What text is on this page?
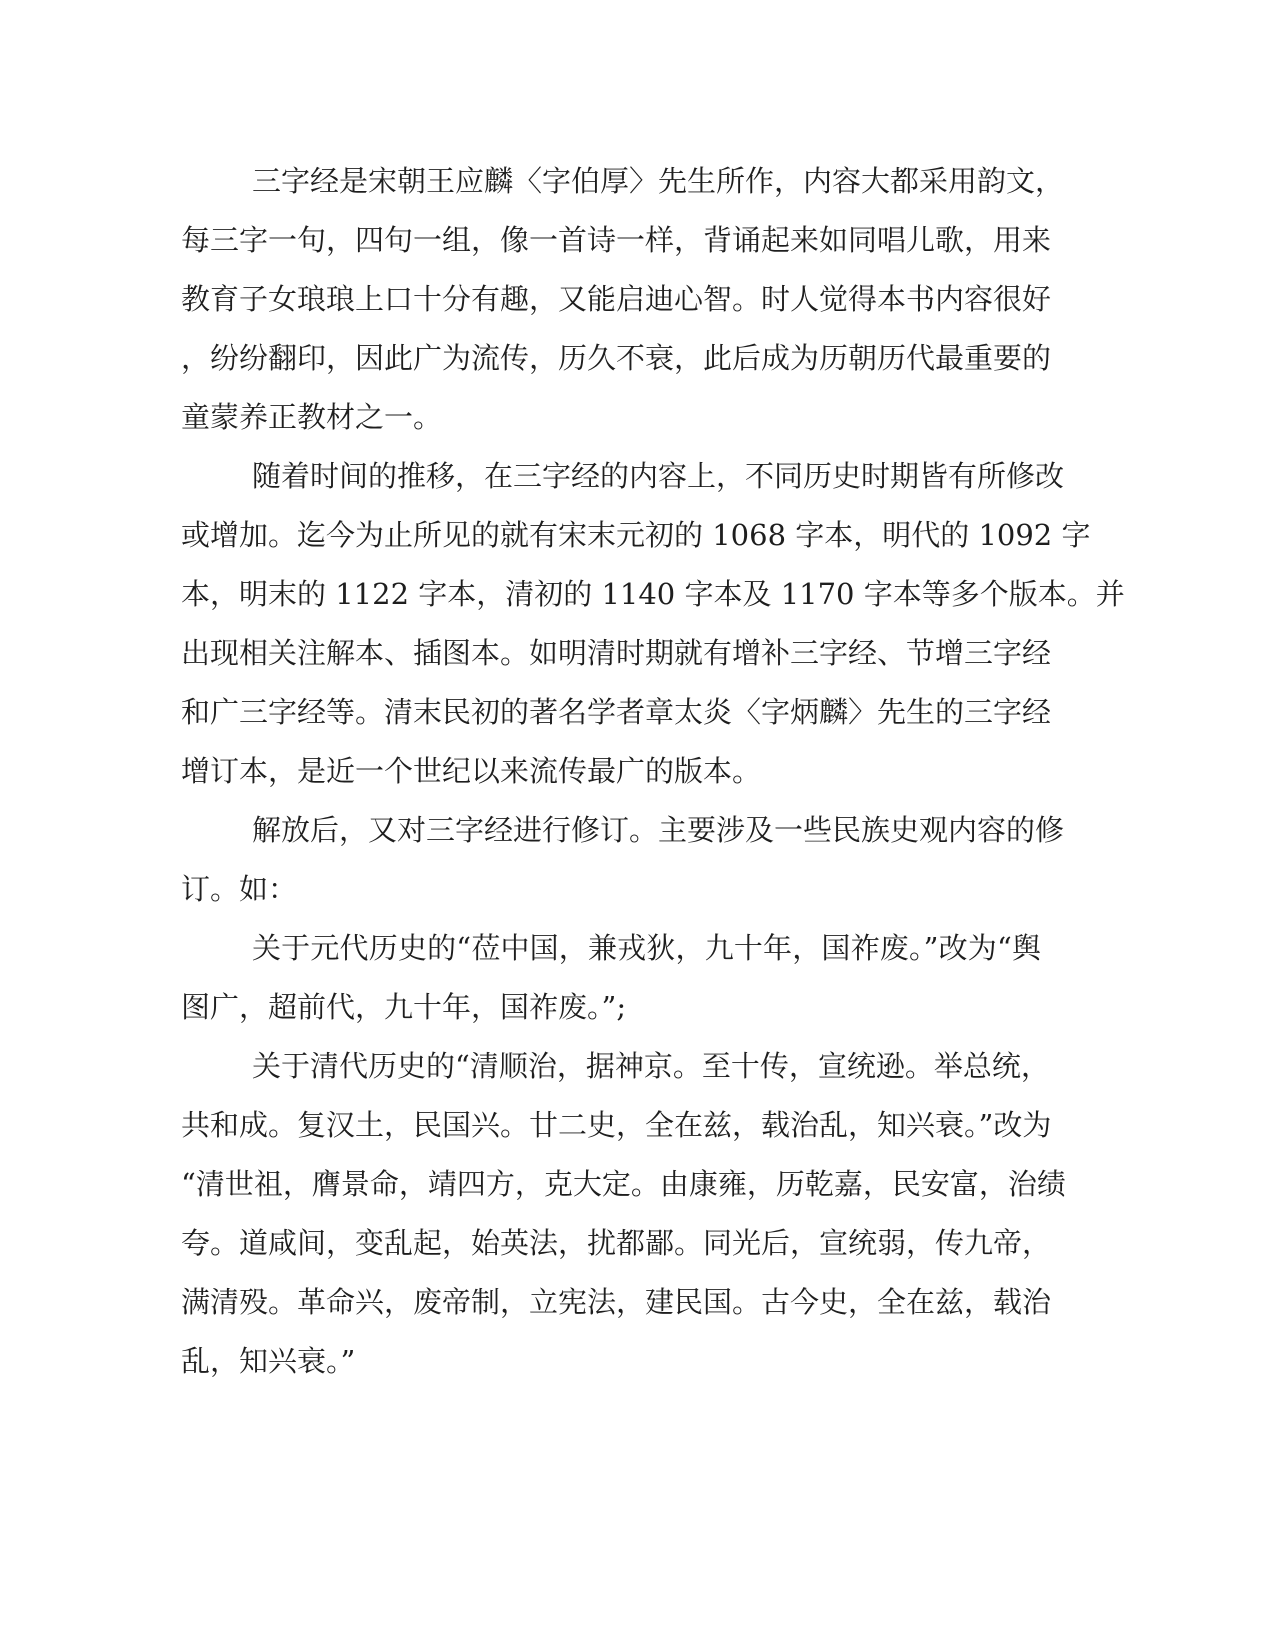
三字经是宋朝王应麟〈字伯厚〉先生所作，内容大都采用韵文，
每三字一句，四句一组，像一首诗一样，背诵起来如同唱儿歌，用来
教育子女琅琅上口十分有趣，又能启迪心智。时人觉得本书内容很好
，纷纷翻印，因此广为流传，历久不衰，此后成为历朝历代最重要的
童蒙养正教材之一。
随着时间的推移，在三字经的内容上，不同历史时期皆有所修改
或增加。迄今为止所见的就有宋末元初的 1068 字本，明代的 1092 字
本，明末的 1122 字本，清初的 1140 字本及 1170 字本等多个版本。并
出现相关注解本、插图本。如明清时期就有增补三字经、节增三字经
和广三字经等。清末民初的著名学者章太炎〈字炳麟〉先生的三字经
增订本，是近一个世纪以来流传最广的版本。
解放后，又对三字经进行修订。主要涉及一些民族史观内容的修
订。如：
关于元代历史的“莅中国，兼戎狄，九十年，国祚废。”改为“舆
图广，超前代，九十年，国祚废。”;
关于清代历史的“清顺治，据神京。至十传，宣统逊。举总统，
共和成。复汉土，民国兴。廿二史，全在兹，载治乱，知兴衰。”改为
“清世祖，膺景命，靖四方，克大定。由康雍，历乾嘉，民安富，治绩
夸。道咸间，变乱起，始英法，扰都鄙。同光后，宣统弱，传九帝，
满清殁。革命兴，废帝制，立宪法，建民国。古今史，全在兹，载治
乱，知兴衰。”
